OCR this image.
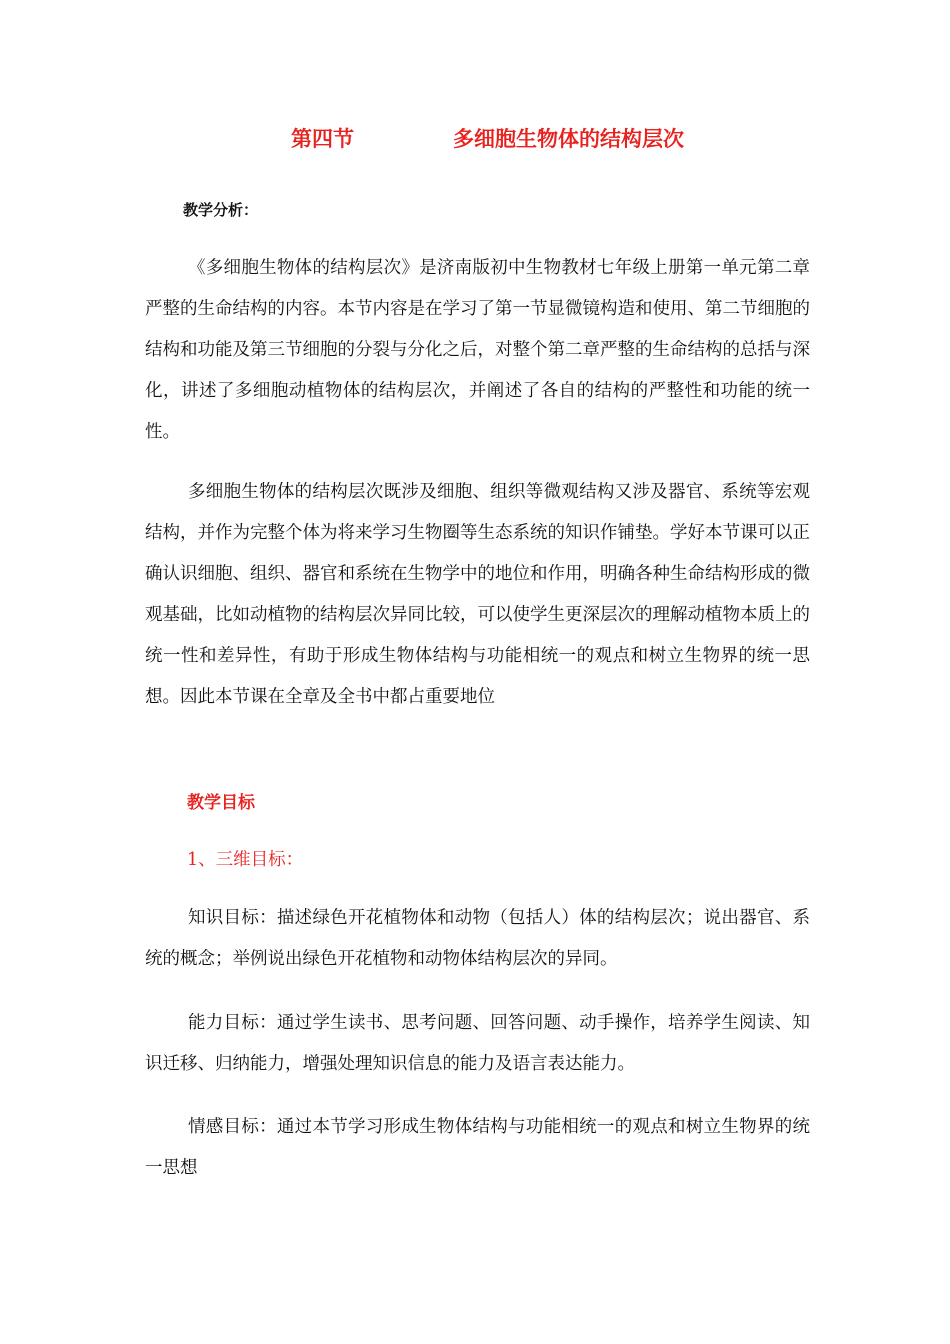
第四节	多细胞生物体的结构层次
教学分析：

《多细胞生物体的结构层次》是济南版初中生物教材七年级上册第一单元第二章严整的生命结构的内容。本节内容是在学习了第一节显微镜构造和使用、第二节细胞的结构和功能及第三节细胞的分裂与分化之后，对整个第二章严整的生命结构的总括与深化，讲述了多细胞动植物体的结构层次，并阐述了各自的结构的严整性和功能的统一性。

多细胞生物体的结构层次既涉及细胞、组织等微观结构又涉及器官、系统等宏观结构，并作为完整个体为将来学习生物圈等生态系统的知识作铺垫。学好本节课可以正确认识细胞、组织、器官和系统在生物学中的地位和作用，明确各种生命结构形成的微观基础，比如动植物的结构层次异同比较，可以使学生更深层次的理解动植物本质上的统一性和差异性，有助于形成生物体结构与功能相统一的观点和树立生物界的统一思想。因此本节课在全章及全书中都占重要地位

教学目标
1、三维目标：

知识目标：描述绿色开花植物体和动物（包括人）体的结构层次；说出器官、系统的概念；举例说出绿色开花植物和动物体结构层次的异同。

能力目标：通过学生读书、思考问题、回答问题、动手操作，培养学生阅读、知识迁移、归纳能力，增强处理知识信息的能力及语言表达能力。

情感目标：通过本节学习形成生物体结构与功能相统一的观点和树立生物界的统一思想
